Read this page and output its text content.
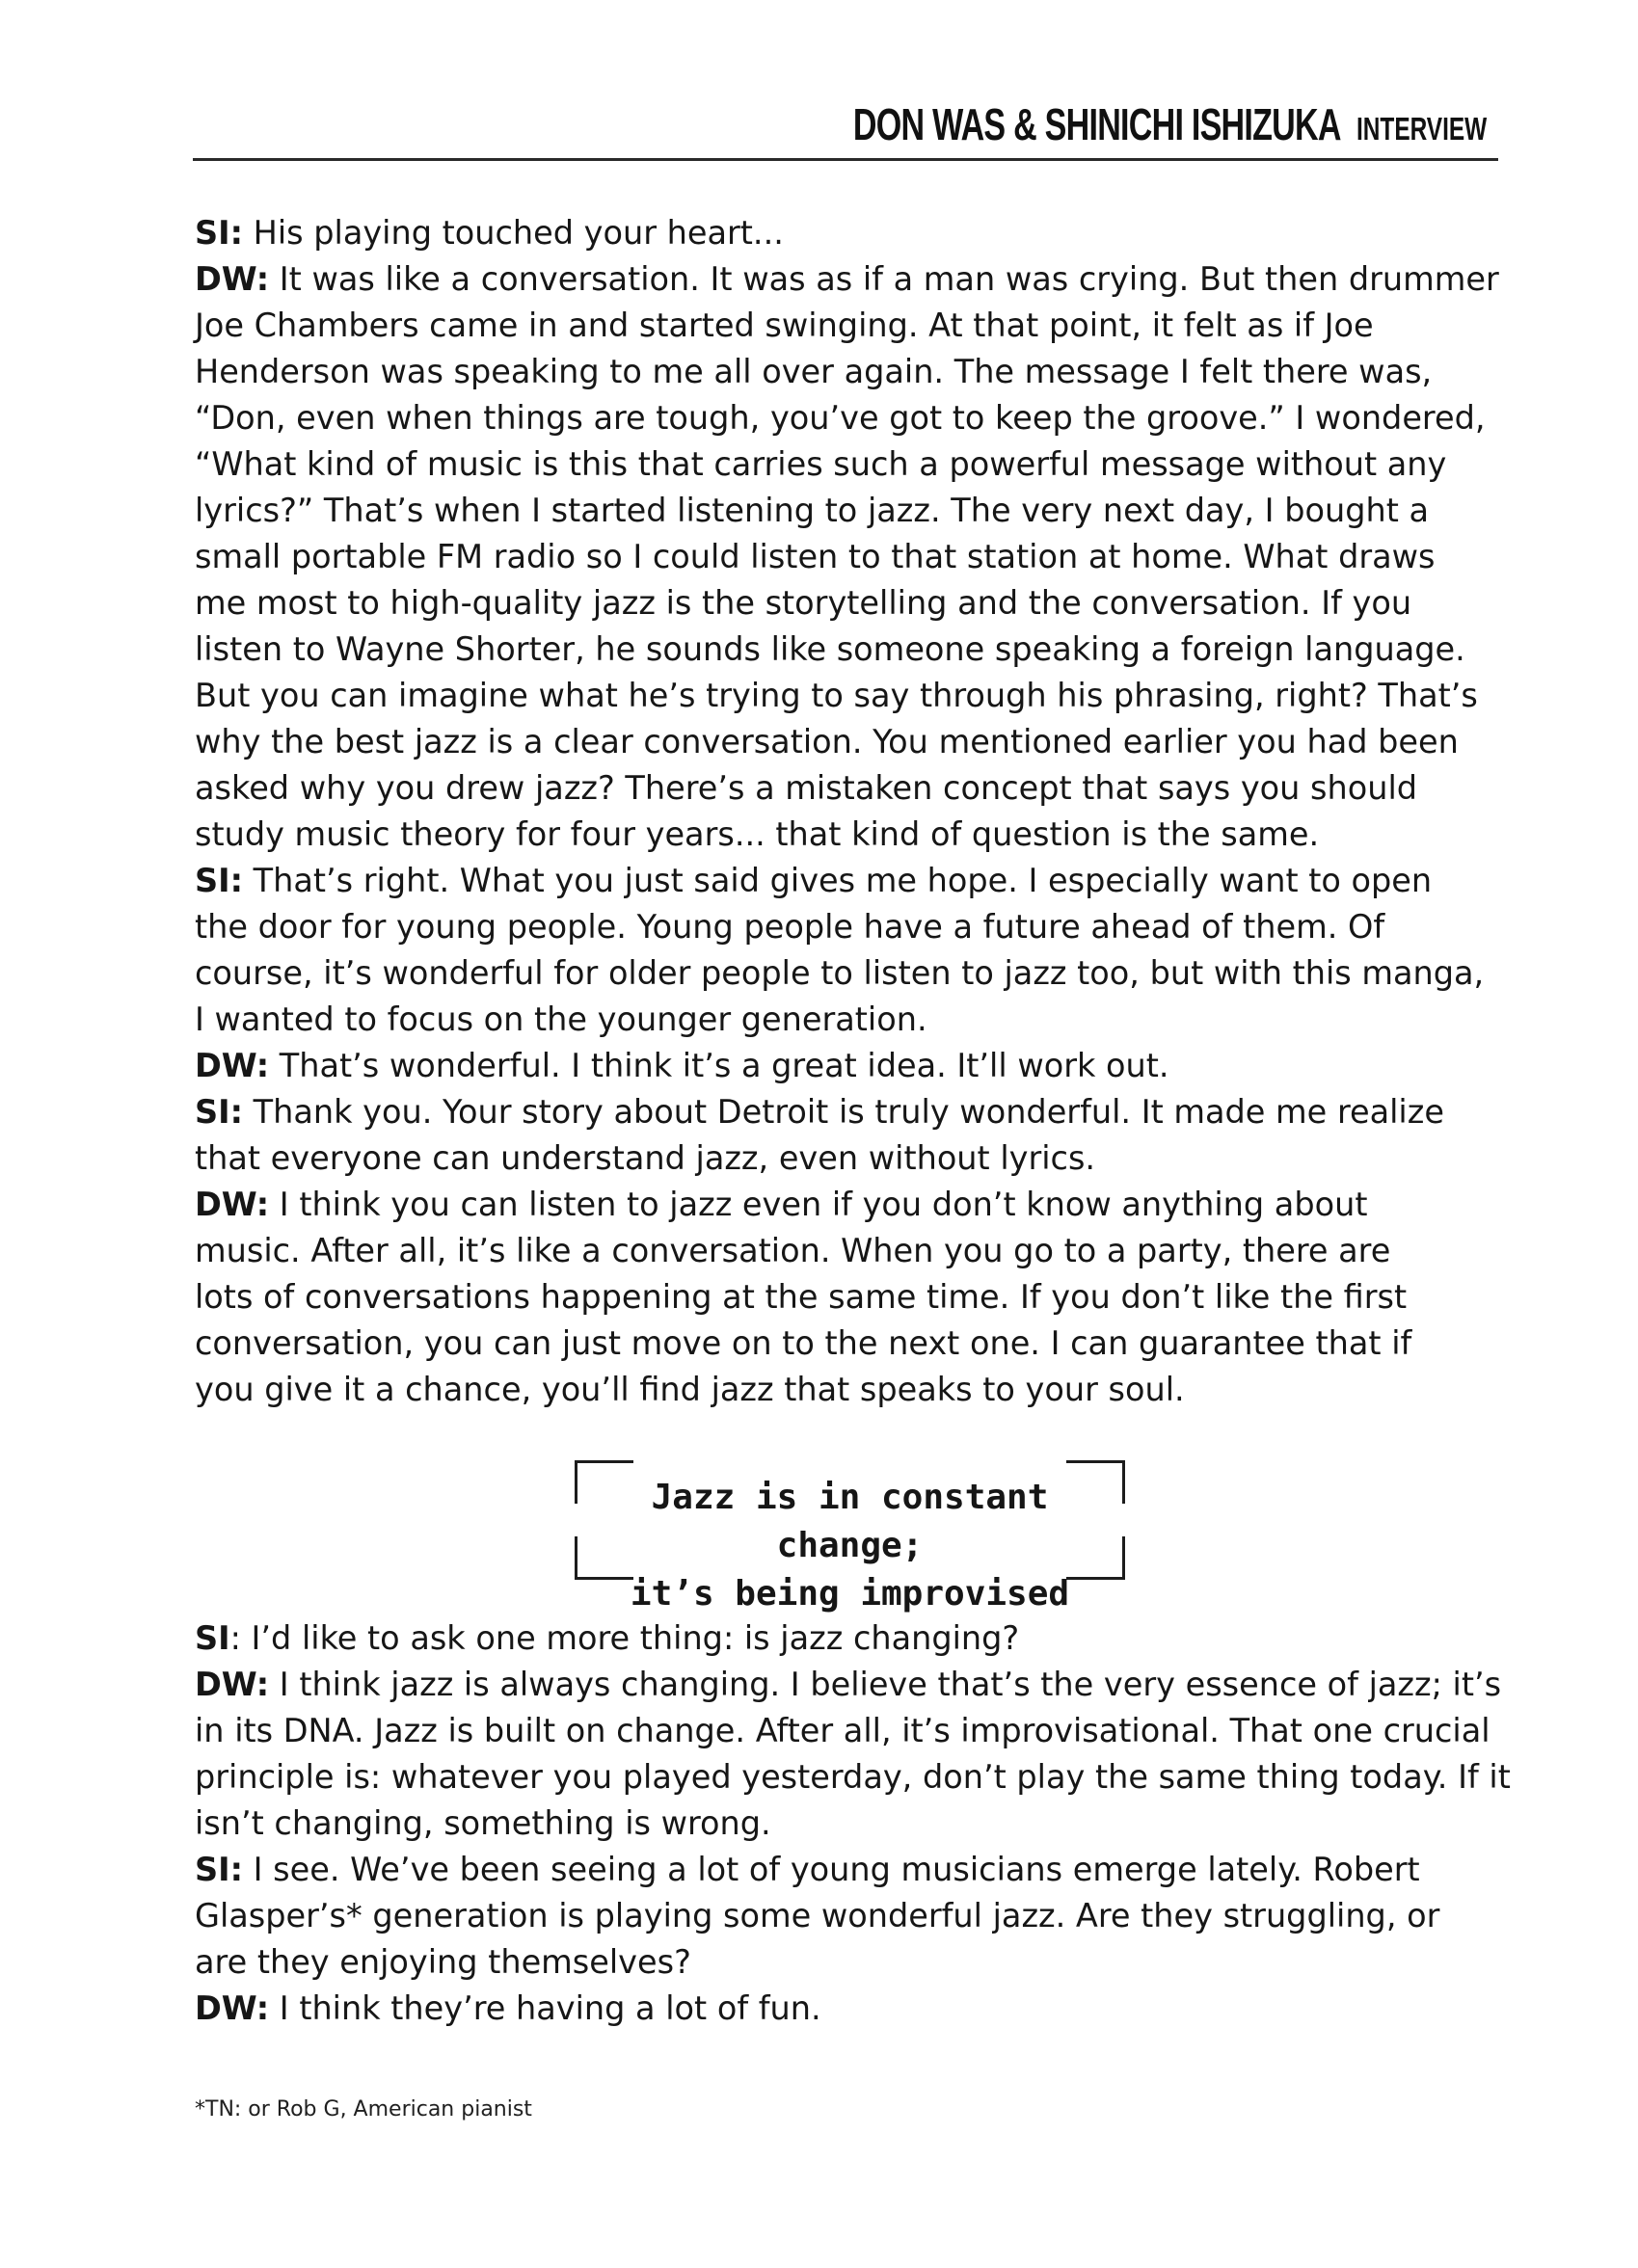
DON WAS & SHINICHI ISHIZUKA INTERVIEW
SI: His playing touched your heart...
DW: It was like a conversation. It was as if a man was crying. But then drummer
Joe Chambers came in and started swinging. At that point, it felt as if Joe
Henderson was speaking to me all over again. The message I felt there was,
“Don, even when things are tough, you’ve got to keep the groove.” I wondered,
“What kind of music is this that carries such a powerful message without any
lyrics?” That’s when I started listening to jazz. The very next day, I bought a
small portable FM radio so I could listen to that station at home. What draws
me most to high-quality jazz is the storytelling and the conversation. If you
listen to Wayne Shorter, he sounds like someone speaking a foreign language.
But you can imagine what he’s trying to say through his phrasing, right? That’s
why the best jazz is a clear conversation. You mentioned earlier you had been
asked why you drew jazz? There’s a mistaken concept that says you should
study music theory for four years... that kind of question is the same.
SI: That’s right. What you just said gives me hope. I especially want to open
the door for young people. Young people have a future ahead of them. Of
course, it’s wonderful for older people to listen to jazz too, but with this manga,
I wanted to focus on the younger generation.
DW: That’s wonderful. I think it’s a great idea. It’ll work out.
SI: Thank you. Your story about Detroit is truly wonderful. It made me realize
that everyone can understand jazz, even without lyrics.
DW: I think you can listen to jazz even if you don’t know anything about
music. After all, it’s like a conversation. When you go to a party, there are
lots of conversations happening at the same time. If you don’t like the first
conversation, you can just move on to the next one. I can guarantee that if
you give it a chance, you’ll find jazz that speaks to your soul.
Jazz is in constant change;
it’s being improvised
SI: I’d like to ask one more thing: is jazz changing?
DW: I think jazz is always changing. I believe that’s the very essence of jazz; it’s
in its DNA. Jazz is built on change. After all, it’s improvisational. That one crucial
principle is: whatever you played yesterday, don’t play the same thing today. If it
isn’t changing, something is wrong.
SI: I see. We’ve been seeing a lot of young musicians emerge lately. Robert
Glasper’s* generation is playing some wonderful jazz. Are they struggling, or
are they enjoying themselves?
DW: I think they’re having a lot of fun.
*TN: or Rob G, American pianist
